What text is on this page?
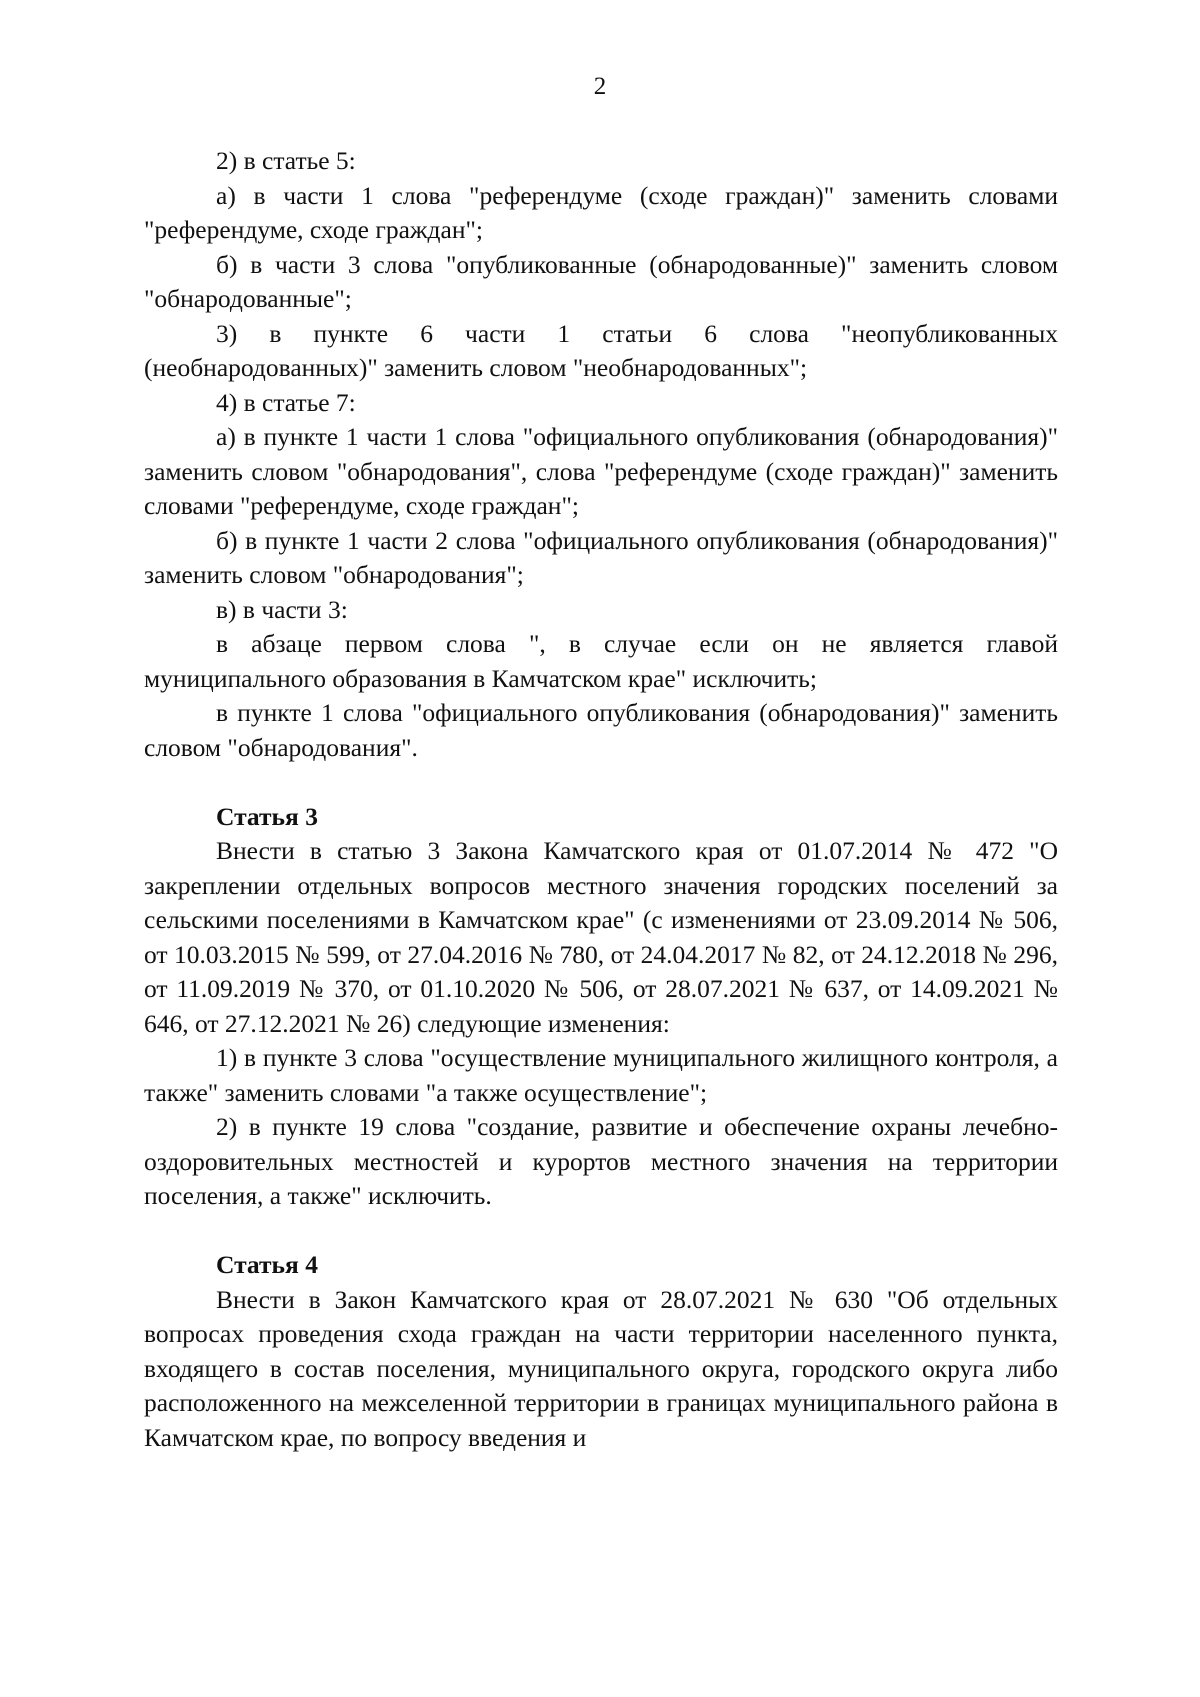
2

2) в статье 5:

а) в части 1 слова "референдуме (сходе граждан)" заменить словами "референдуме, сходе граждан";

б) в части 3 слова "опубликованные (обнародованные)" заменить словом "обнародованные";

3) в пункте 6 части 1 статьи 6 слова "неопубликованных (необнародованных)" заменить словом "необнародованных";

4) в статье 7:

а) в пункте 1 части 1 слова "официального опубликования (обнародования)" заменить словом "обнародования", слова "референдуме (сходе граждан)" заменить словами "референдуме, сходе граждан";

б) в пункте 1 части 2 слова "официального опубликования (обнародования)" заменить словом "обнародования";

в) в части 3:

в абзаце первом слова ", в случае если он не является главой муниципального образования в Камчатском крае" исключить;

в пункте 1 слова "официального опубликования (обнародования)" заменить словом "обнародования".

Статья 3

Внести в статью 3 Закона Камчатского края от 01.07.2014 № 472 "О закреплении отдельных вопросов местного значения городских поселений за сельскими поселениями в Камчатском крае" (с изменениями от 23.09.2014 № 506, от 10.03.2015 № 599, от 27.04.2016 № 780, от 24.04.2017 № 82, от 24.12.2018 № 296, от 11.09.2019 № 370, от 01.10.2020 № 506, от 28.07.2021 № 637, от 14.09.2021 № 646, от 27.12.2021 № 26) следующие изменения:

1) в пункте 3 слова "осуществление муниципального жилищного контроля, а также" заменить словами "а также осуществление";

2) в пункте 19 слова "создание, развитие и обеспечение охраны лечебно-оздоровительных местностей и курортов местного значения на территории поселения, а также" исключить.

Статья 4

Внести в Закон Камчатского края от 28.07.2021 № 630 "Об отдельных вопросах проведения схода граждан на части территории населенного пункта, входящего в состав поселения, муниципального округа, городского округа либо расположенного на межселенной территории в границах муниципального района в Камчатском крае, по вопросу введения и
